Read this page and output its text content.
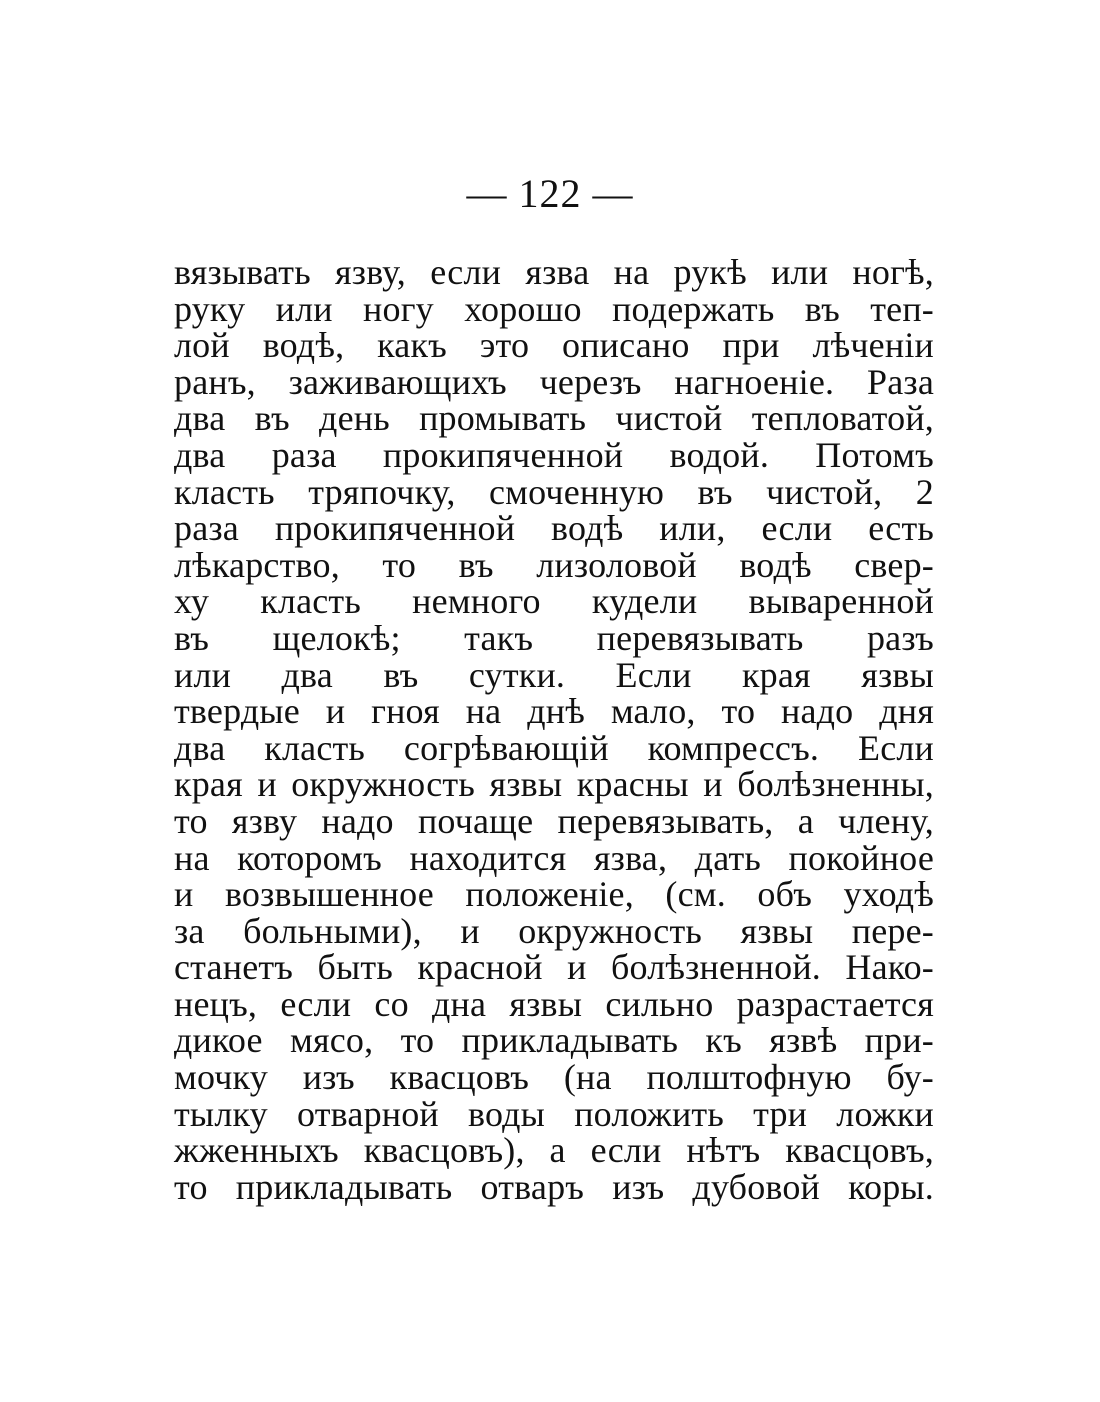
— 122 —
вязывать язву, если язва на рукѣ или ногѣ,
руку или ногу хорошо подержать въ теп-
лой водѣ, какъ это описано при лѣченіи
ранъ, заживающихъ черезъ нагноеніе. Раза
два въ день промывать чистой тепловатой,
два раза прокипяченной водой. Потомъ
класть тряпочку, смоченную въ чистой, 2
раза прокипяченной водѣ или, если есть
лѣкарство, то въ лизоловой водѣ свер-
ху класть немного кудели вываренной
въ щелокѣ; такъ перевязывать разъ
или два въ сутки. Если края язвы
твердые и гноя на днѣ мало, то надо дня
два класть согрѣвающій компрессъ. Если
края и окружность язвы красны и болѣзненны,
то язву надо почаще перевязывать, а члену,
на которомъ находится язва, дать покойное
и возвышенное положеніе, (см. объ уходѣ
за больными), и окружность язвы пере-
станетъ быть красной и болѣзненной. Нако-
нецъ, если со дна язвы сильно разрастается
дикое мясо, то прикладывать къ язвѣ при-
мочку изъ квасцовъ (на полштофную бу-
тылку отварной воды положить три ложки
жженныхъ квасцовъ), а если нѣтъ квасцовъ,
то прикладывать отваръ изъ дубовой коры.
